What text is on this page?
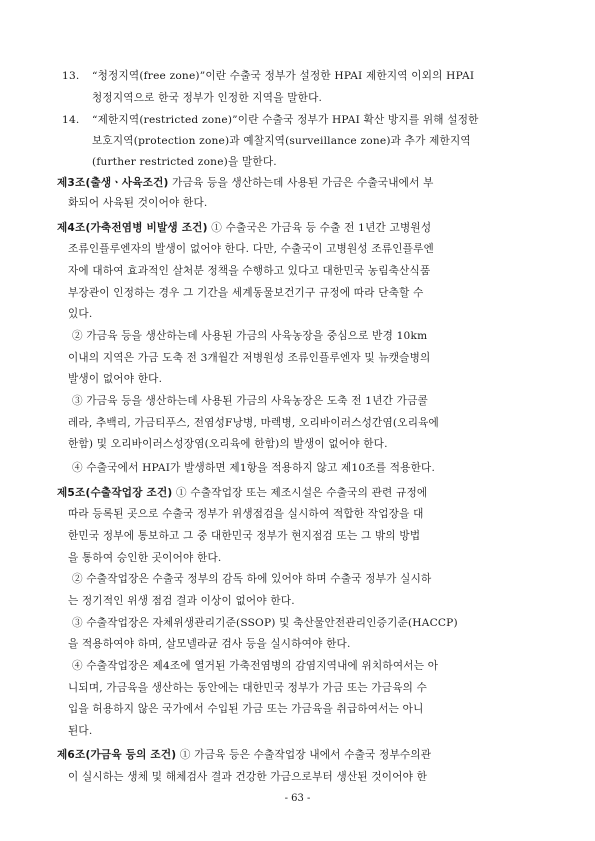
13. “청정지역(free zone)”이란 수출국 정부가 설정한 HPAI 제한지역 이외의 HPAI
청정지역으로 한국 정부가 인정한 지역을 말한다.
14. “제한지역(restricted zone)”이란 수출국 정부가 HPAI 확산 방지를 위해 설정한
보호지역(protection zone)과 예찰지역(surveillance zone)과 추가 제한지역
(further restricted zone)을 말한다.
제3조(출생ㆍ사육조건) 가금육 등을 생산하는데 사용된 가금은 수출국내에서 부
화되어 사육된 것이어야 한다.
제4조(가축전염병 비발생 조건) ① 수출국은 가금육 등 수출 전 1년간 고병원성
조류인플루엔자의 발생이 없어야 한다. 다만, 수출국이 고병원성 조류인플루엔
자에 대하여 효과적인 살처분 정책을 수행하고 있다고 대한민국 농림축산식품
부장관이 인정하는 경우 그 기간을 세계동물보건기구 규정에 따라 단축할 수
있다.
② 가금육 등을 생산하는데 사용된 가금의 사육농장을 중심으로 반경 10km
이내의 지역은 가금 도축 전 3개월간 저병원성 조류인플루엔자 및 뉴캣슬병의
발생이 없어야 한다.
③ 가금육 등을 생산하는데 사용된 가금의 사육농장은 도축 전 1년간 가금콜
레라, 추백리, 가금티푸스, 전염성F낭병, 마렉병, 오리바이러스성간염(오리육에
한함) 및 오리바이러스성장염(오리육에 한함)의 발생이 없어야 한다.
④ 수출국에서 HPAI가 발생하면 제1항을 적용하지 않고 제10조를 적용한다.
제5조(수출작업장 조건) ① 수출작업장 또는 제조시설은 수출국의 관련 규정에
따라 등록된 곳으로 수출국 정부가 위생점검을 실시하여 적합한 작업장을 대
한민국 정부에 통보하고 그 중 대한민국 정부가 현지점검 또는 그 밖의 방법
을 통하여 승인한 곳이어야 한다.
② 수출작업장은 수출국 정부의 감독 하에 있어야 하며 수출국 정부가 실시하
는 정기적인 위생 점검 결과 이상이 없어야 한다.
③ 수출작업장은 자체위생관리기준(SSOP) 및 축산물안전관리인증기준(HACCP)
을 적용하여야 하며, 살모넬라균 검사 등을 실시하여야 한다.
④ 수출작업장은 제4조에 열거된 가축전염병의 감염지역내에 위치하여서는 아
니되며, 가금육을 생산하는 동안에는 대한민국 정부가 가금 또는 가금육의 수
입을 허용하지 않은 국가에서 수입된 가금 또는 가금육을 취급하여서는 아니
된다.
제6조(가금육 등의 조건) ① 가금육 등은 수출작업장 내에서 수출국 정부수의관
이 실시하는 생체 및 해체검사 결과 건강한 가금으로부터 생산된 것이어야 한
- 63 -
